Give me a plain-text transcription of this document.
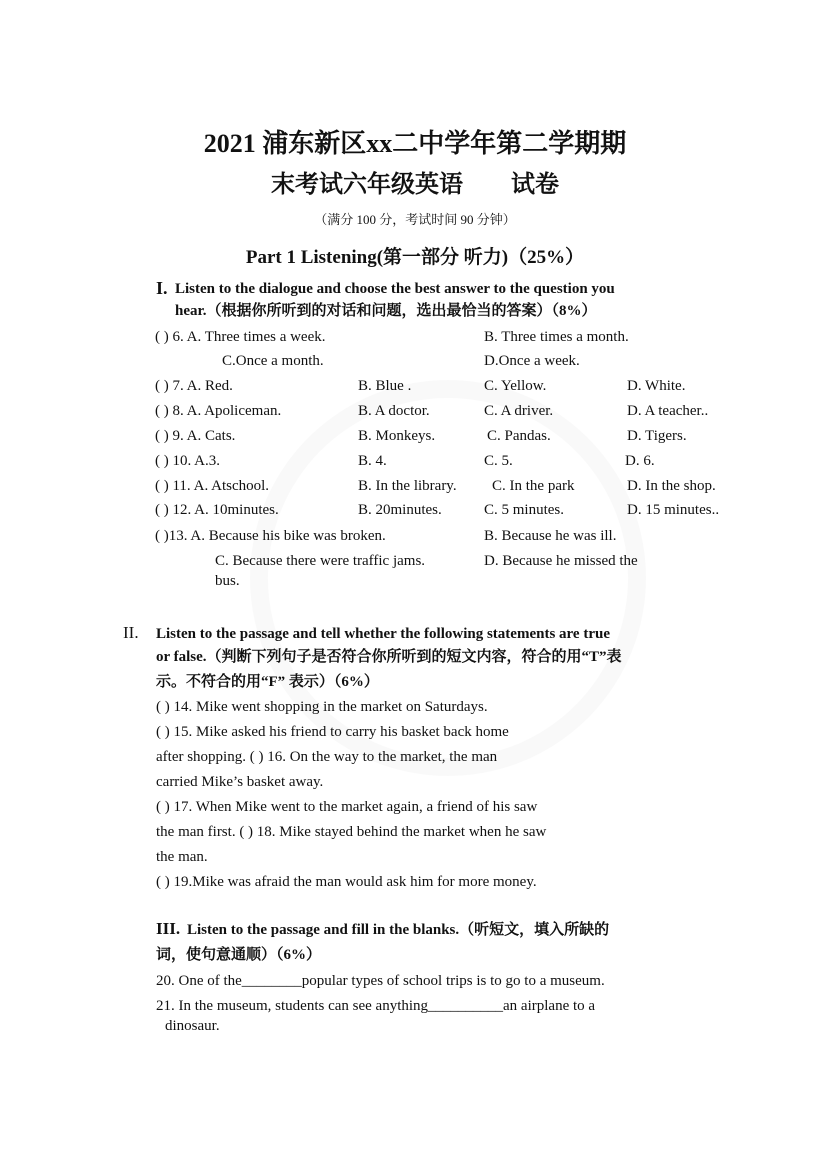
2021 浦东新区xx二中学年第二学期期
末考试六年级英语　　试卷
（满分 100 分，考试时间 90 分钟）
Part 1 Listening(第一部分 听力)（25%）
I. Listen to the dialogue and choose the best answer to the question you
hear.（根据你所听到的对话和问题，选出最恰当的答案）（8%）
( ) 6. A. Three times a week.	B. Three times a month.
C.Once a month.	D.Once a week.
( ) 7. A. Red.	B. Blue .	C. Yellow.	D. White.
( ) 8. A. Apoliceman.	B. A doctor.	C. A driver.	D. A teacher..
( ) 9. A. Cats.	B. Monkeys.	C. Pandas.	D. Tigers.
( ) 10. A.3.	B. 4.	C. 5.	D. 6.
( ) 11. A. Atschool.	B. In the library. C. In the park	D. In the shop.
( ) 12. A. 10minutes.	B. 20minutes.	C. 5 minutes.	D. 15 minutes..
( )13. A. Because his bike was broken.	B. Because he was ill.
C. Because there were traffic jams.	D. Because he missed the
bus.
II. Listen to the passage and tell whether the following statements are true
or false.（判断下列句子是否符合你所听到的短文内容，符合的用“T”表
示。不符合的用“F” 表示）（6%）
( ) 14. Mike went shopping in the market on Saturdays.
( ) 15. Mike asked his friend to carry his basket back home
after shopping. ( ) 16. On the way to the market, the man
carried Mike’s basket away.
( ) 17. When Mike went to the market again, a friend of his saw
the man first. ( ) 18. Mike stayed behind the market when he saw
the man.
( ) 19.Mike was afraid the man would ask him for more money.
III. Listen to the passage and fill in the blanks.（听短文，填入所缺的
词，使句意通顺）（6%）
20. One of the________popular types of school trips is to go to a museum.
21. In the museum, students can see anything__________an airplane to a
dinosaur.
